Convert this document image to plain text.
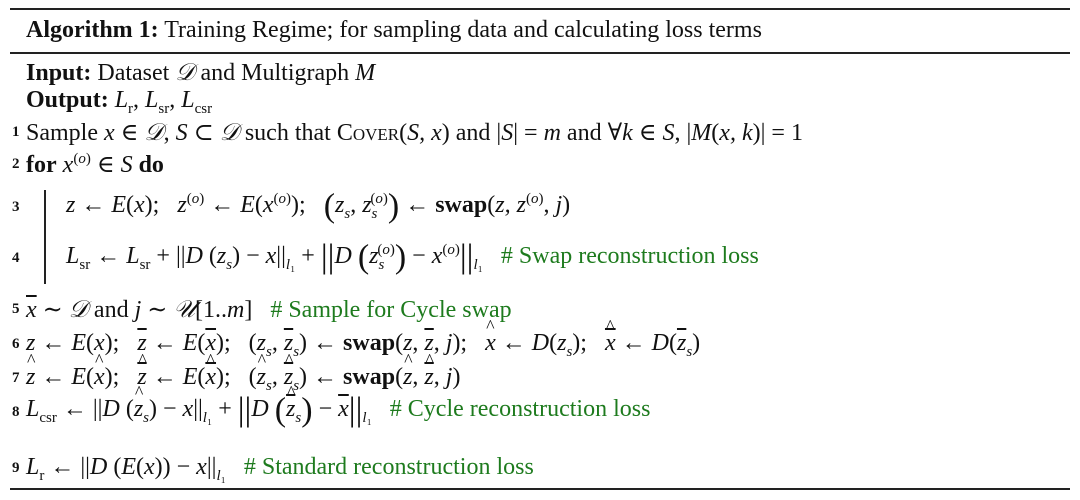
Algorithm 1: Training Regime; for sampling data and calculating loss terms
Input: Dataset 𝒟 and Multigraph M
Output: $L_r$, $L_{sr}$, $L_{csr}$
1 Sample x ∈ 𝒟, S ⊂ 𝒟 such that Cover(S, x) and |S| = m and ∀k ∈ S, |M(x, k)| = 1
2 for $x^{(o)}$ ∈ S do
3 z ← E(x);   $z^{(o)}$ ← $E(x^{(o)})$;   ($z_s$, $z_s^{(o)}$) ← swap(z, $z^{(o)}$, j)
4 $L_{sr}$ ← $L_{sr} + ||D$ $(z_s) - x||_{l_1} + ||D$ $(z_s^{(o)}) - x^{(o)}||_{l_1}$ # Swap reconstruction loss
5 $\overline{x}$ ∼ 𝒟 and j ∼ 𝒰[1..m]   # Sample for Cycle swap
6 z ← E(x);   $\overline{z}$ ← $E(\overline{x})$;   ($z_s$, $\overline{z}_s$) ← swap(z, $\overline{z}$, j);   ^ x ← $D(z_s)$;   ^ $\overline{x}$ ← $D(\overline{z}_s)$
7 ^ z ← E(^ x);   ^ $\overline{z}$ ← E(^ $\overline{x}$);   (^ $z_s$, ^ $\overline{z}_s$) ← swap(^ z, ^ $\overline{z}$, j)
8 $L_{csr}$ ← ||D (^ $z_s) - x||_{l_1} + ||D$ (^ $\overline{z}_s) - \overline{x}||_{l_1}$ # Cycle reconstruction loss
9 $L_r$ ← ||D $(E(x)) - x||_{l_1}$ # Standard reconstruction loss
